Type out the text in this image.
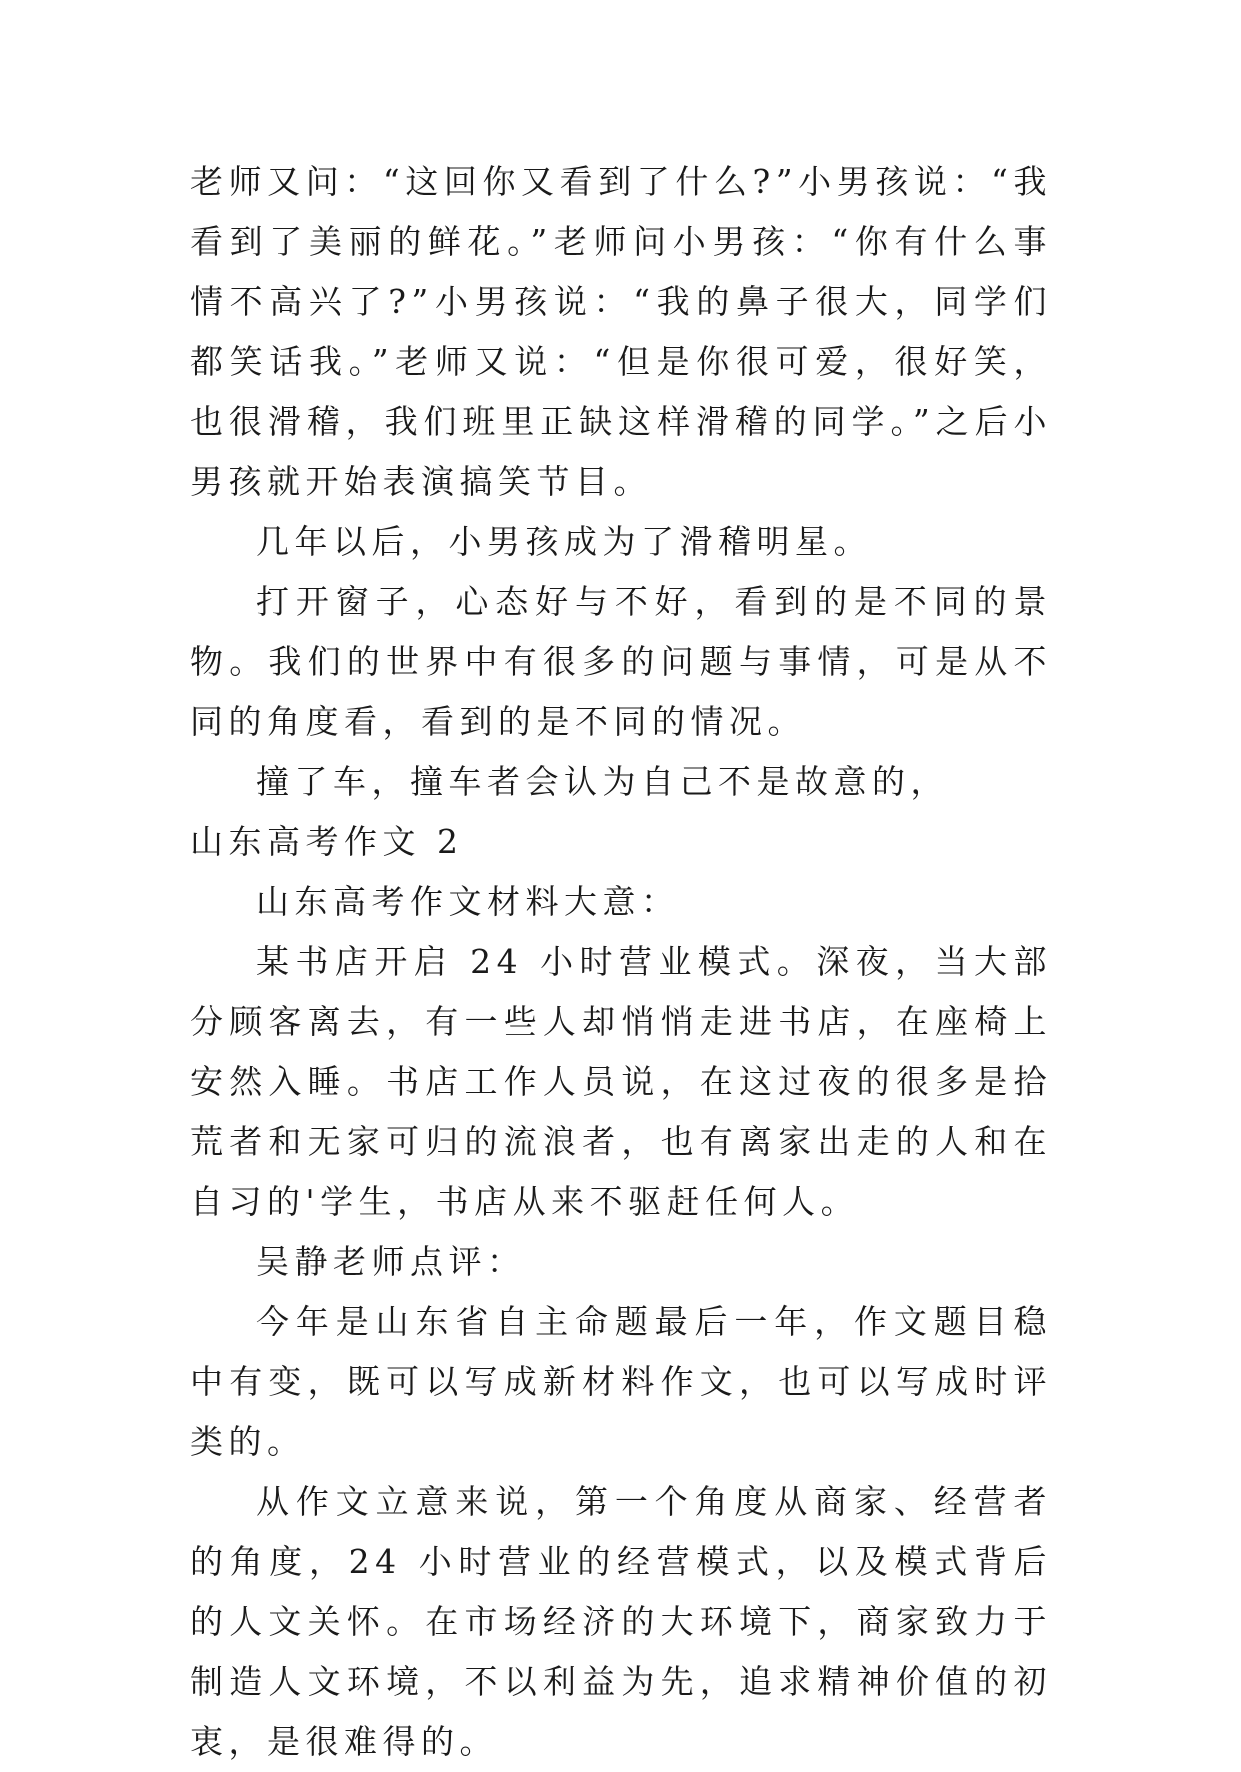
老师又问：“这回你又看到了什么?”小男孩说：“我看到了美丽的鲜花。”老师问小男孩：“你有什么事情不高兴了?”小男孩说：“我的鼻子很大，同学们都笑话我。”老师又说：“但是你很可爱，很好笑，也很滑稽，我们班里正缺这样滑稽的同学。”之后小男孩就开始表演搞笑节目。

几年以后，小男孩成为了滑稽明星。

打开窗子，心态好与不好，看到的是不同的景物。我们的世界中有很多的问题与事情，可是从不同的角度看，看到的是不同的情况。

撞了车，撞车者会认为自己不是故意的，

山东高考作文 2

山东高考作文材料大意：

某书店开启 24 小时营业模式。深夜，当大部分顾客离去，有一些人却悄悄走进书店，在座椅上安然入睡。书店工作人员说，在这过夜的很多是拾荒者和无家可归的流浪者，也有离家出走的人和在自习的'学生，书店从来不驱赶任何人。

吴静老师点评：

今年是山东省自主命题最后一年，作文题目稳中有变，既可以写成新材料作文，也可以写成时评类的。

从作文立意来说，第一个角度从商家、经营者的角度，24 小时营业的经营模式，以及模式背后的人文关怀。在市场经济的大环境下，商家致力于制造人文环境，不以利益为先，追求精神价值的初衷，是很难得的。
